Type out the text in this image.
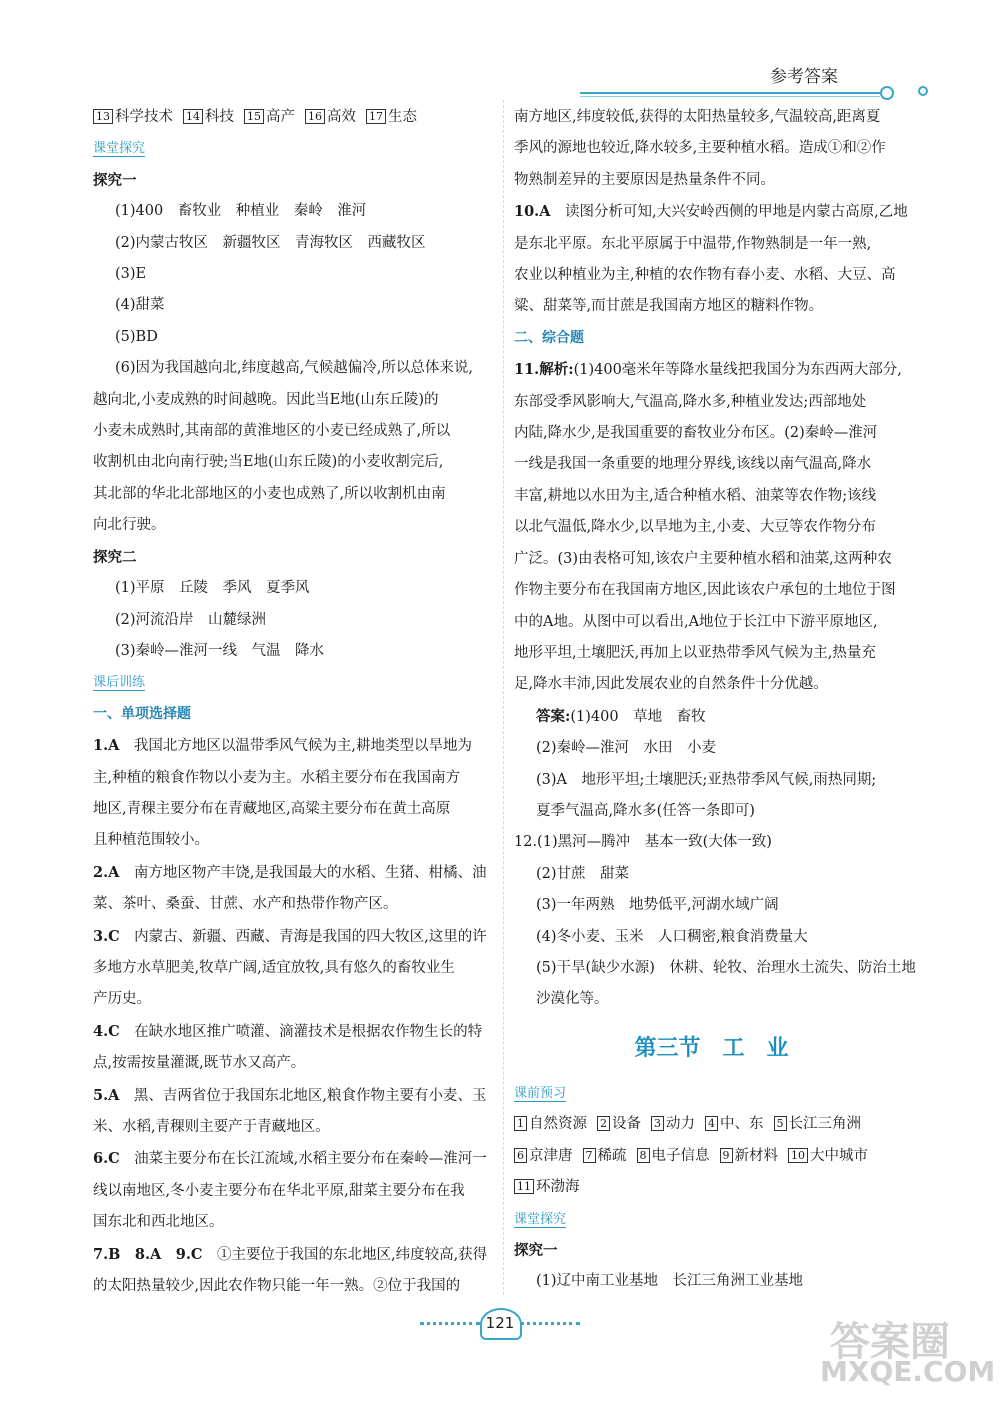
参考答案
13 科学技术 14 科技 15 高产 16 高效 17 生态
课堂探究
探究一
(1)400　畜牧业　种植业　秦岭　淮河
(2)内蒙古牧区　新疆牧区　青海牧区　西藏牧区
(3)E
(4)甜菜
(5)BD
(6)因为我国越向北,纬度越高,气候越偏冷,所以总体来说,
越向北,小麦成熟的时间越晚。因此当E地(山东丘陵)的
小麦未成熟时,其南部的黄淮地区的小麦已经成熟了,所以
收割机由北向南行驶;当E地(山东丘陵)的小麦收割完后,
其北部的华北北部地区的小麦也成熟了,所以收割机由南
向北行驶。
探究二
(1)平原　丘陵　季风　夏季风
(2)河流沿岸　山麓绿洲
(3)秦岭—淮河一线　气温　降水
课后训练
一、单项选择题
1.A　我国北方地区以温带季风气候为主,耕地类型以旱地为
主,种植的粮食作物以小麦为主。水稻主要分布在我国南方
地区,青稞主要分布在青藏地区,高粱主要分布在黄土高原
且种植范围较小。
2.A　南方地区物产丰饶,是我国最大的水稻、生猪、柑橘、油
菜、茶叶、桑蚕、甘蔗、水产和热带作物产区。
3.C　内蒙古、新疆、西藏、青海是我国的四大牧区,这里的许
多地方水草肥美,牧草广阔,适宜放牧,具有悠久的畜牧业生
产历史。
4.C　在缺水地区推广喷灌、滴灌技术是根据农作物生长的特
点,按需按量灌溉,既节水又高产。
5.A　黑、吉两省位于我国东北地区,粮食作物主要有小麦、玉
米、水稻,青稞则主要产于青藏地区。
6.C　油菜主要分布在长江流域,水稻主要分布在秦岭—淮河一
线以南地区,冬小麦主要分布在华北平原,甜菜主要分布在我
国东北和西北地区。
7.B　8.A　9.C　①主要位于我国的东北地区,纬度较高,获得
的太阳热量较少,因此农作物只能一年一熟。②位于我国的
南方地区,纬度较低,获得的太阳热量较多,气温较高,距离夏
季风的源地也较近,降水较多,主要种植水稻。造成①和②作
物熟制差异的主要原因是热量条件不同。
10.A　读图分析可知,大兴安岭西侧的甲地是内蒙古高原,乙地
是东北平原。东北平原属于中温带,作物熟制是一年一熟,
农业以种植业为主,种植的农作物有春小麦、水稻、大豆、高
粱、甜菜等,而甘蔗是我国南方地区的糖料作物。
二、综合题
11.解析:(1)400毫米年等降水量线把我国分为东西两大部分,
东部受季风影响大,气温高,降水多,种植业发达;西部地处
内陆,降水少,是我国重要的畜牧业分布区。(2)秦岭—淮河
一线是我国一条重要的地理分界线,该线以南气温高,降水
丰富,耕地以水田为主,适合种植水稻、油菜等农作物;该线
以北气温低,降水少,以旱地为主,小麦、大豆等农作物分布
广泛。(3)由表格可知,该农户主要种植水稻和油菜,这两种农
作物主要分布在我国南方地区,因此该农户承包的土地位于图
中的A地。从图中可以看出,A地位于长江中下游平原地区,
地形平坦,土壤肥沃,再加上以亚热带季风气候为主,热量充
足,降水丰沛,因此发展农业的自然条件十分优越。
答案:(1)400　草地　畜牧
(2)秦岭—淮河　水田　小麦
(3)A　地形平坦;土壤肥沃;亚热带季风气候,雨热同期;
夏季气温高,降水多(任答一条即可)
12.(1)黑河—腾冲　基本一致(大体一致)
(2)甘蔗　甜菜
(3)一年两熟　地势低平,河湖水域广阔
(4)冬小麦、玉米　人口稠密,粮食消费量大
(5)干旱(缺少水源)　休耕、轮牧、治理水土流失、防治土地
沙漠化等。
第三节　工　业
课前预习
1 自然资源 2 设备 3 动力 4 中、东 5 长江三角洲
6 京津唐 7 稀疏 8 电子信息 9 新材料 10 大中城市
11 环渤海
课堂探究
探究一
(1)辽中南工业基地　长江三角洲工业基地
121	答案圈
MXQE.COM
